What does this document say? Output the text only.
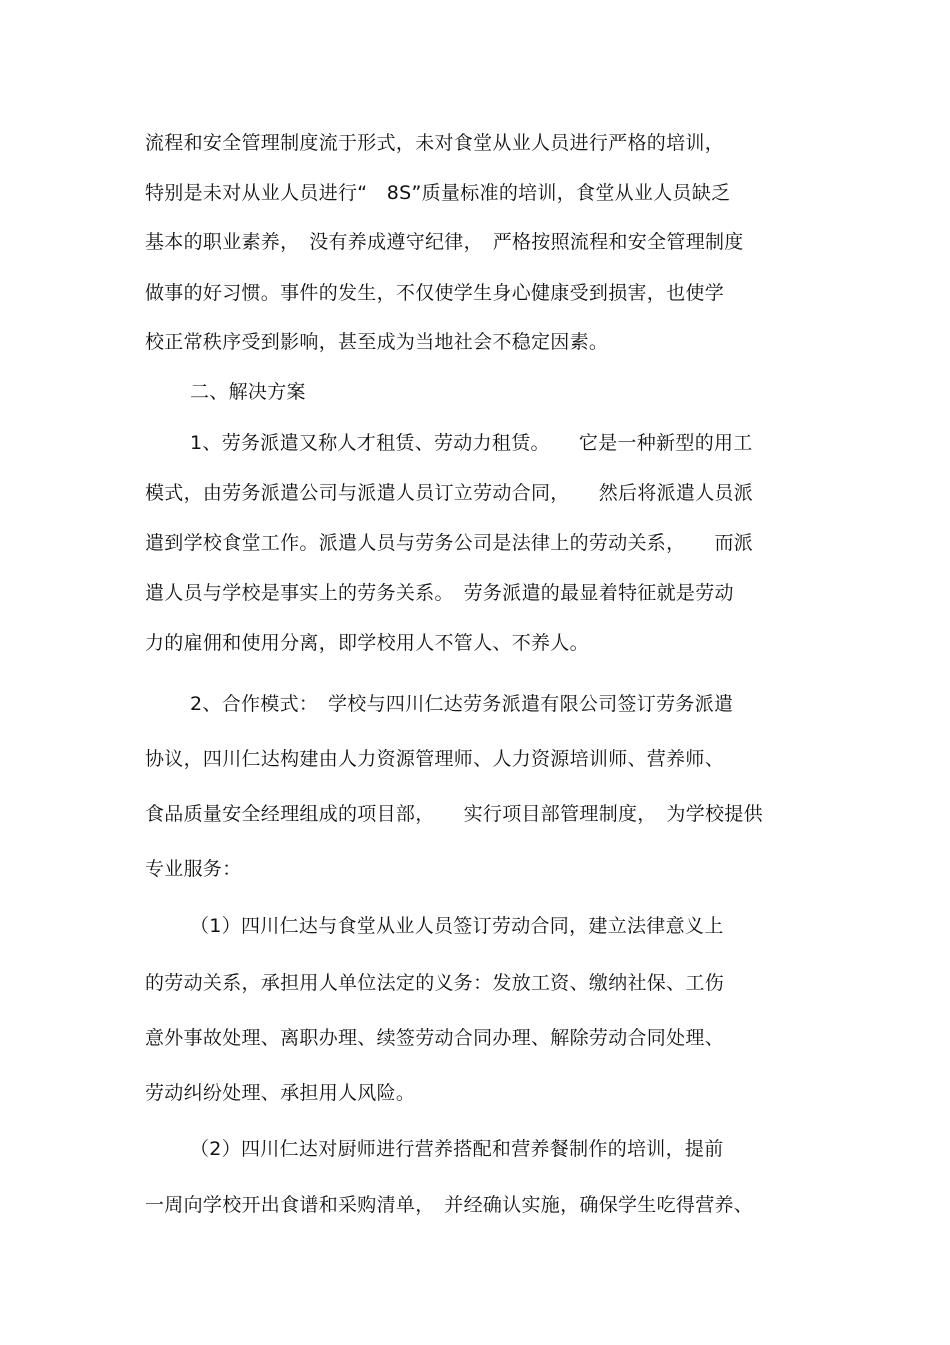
流程和安全管理制度流于形式，未对食堂从业人员进行严格的培训，
特别是未对从业人员进行“　8S”质量标准的培训，食堂从业人员缺乏
基本的职业素养，　没有养成遵守纪律，　严格按照流程和安全管理制度
做事的好习惯。事件的发生，不仅使学生身心健康受到损害，也使学
校正常秩序受到影响，甚至成为当地社会不稳定因素。
二、解决方案
1、劳务派遣又称人才租赁、劳动力租赁。　　它是一种新型的用工
模式，由劳务派遣公司与派遣人员订立劳动合同，　　然后将派遣人员派
遣到学校食堂工作。派遣人员与劳务公司是法律上的劳动关系，　　而派
遣人员与学校是事实上的劳务关系。　劳务派遣的最显着特征就是劳动
力的雇佣和使用分离，即学校用人不管人、不养人。
2、合作模式：　学校与四川仁达劳务派遣有限公司签订劳务派遣
协议，四川仁达构建由人力资源管理师、人力资源培训师、营养师、
食品质量安全经理组成的项目部，　　实行项目部管理制度，　为学校提供
专业服务：
（1）四川仁达与食堂从业人员签订劳动合同，建立法律意义上
的劳动关系，承担用人单位法定的义务：发放工资、缴纳社保、工伤
意外事故处理、离职办理、续签劳动合同办理、解除劳动合同处理、
劳动纠纷处理、承担用人风险。
（2）四川仁达对厨师进行营养搭配和营养餐制作的培训，提前
一周向学校开出食谱和采购清单，　并经确认实施，确保学生吃得营养、
